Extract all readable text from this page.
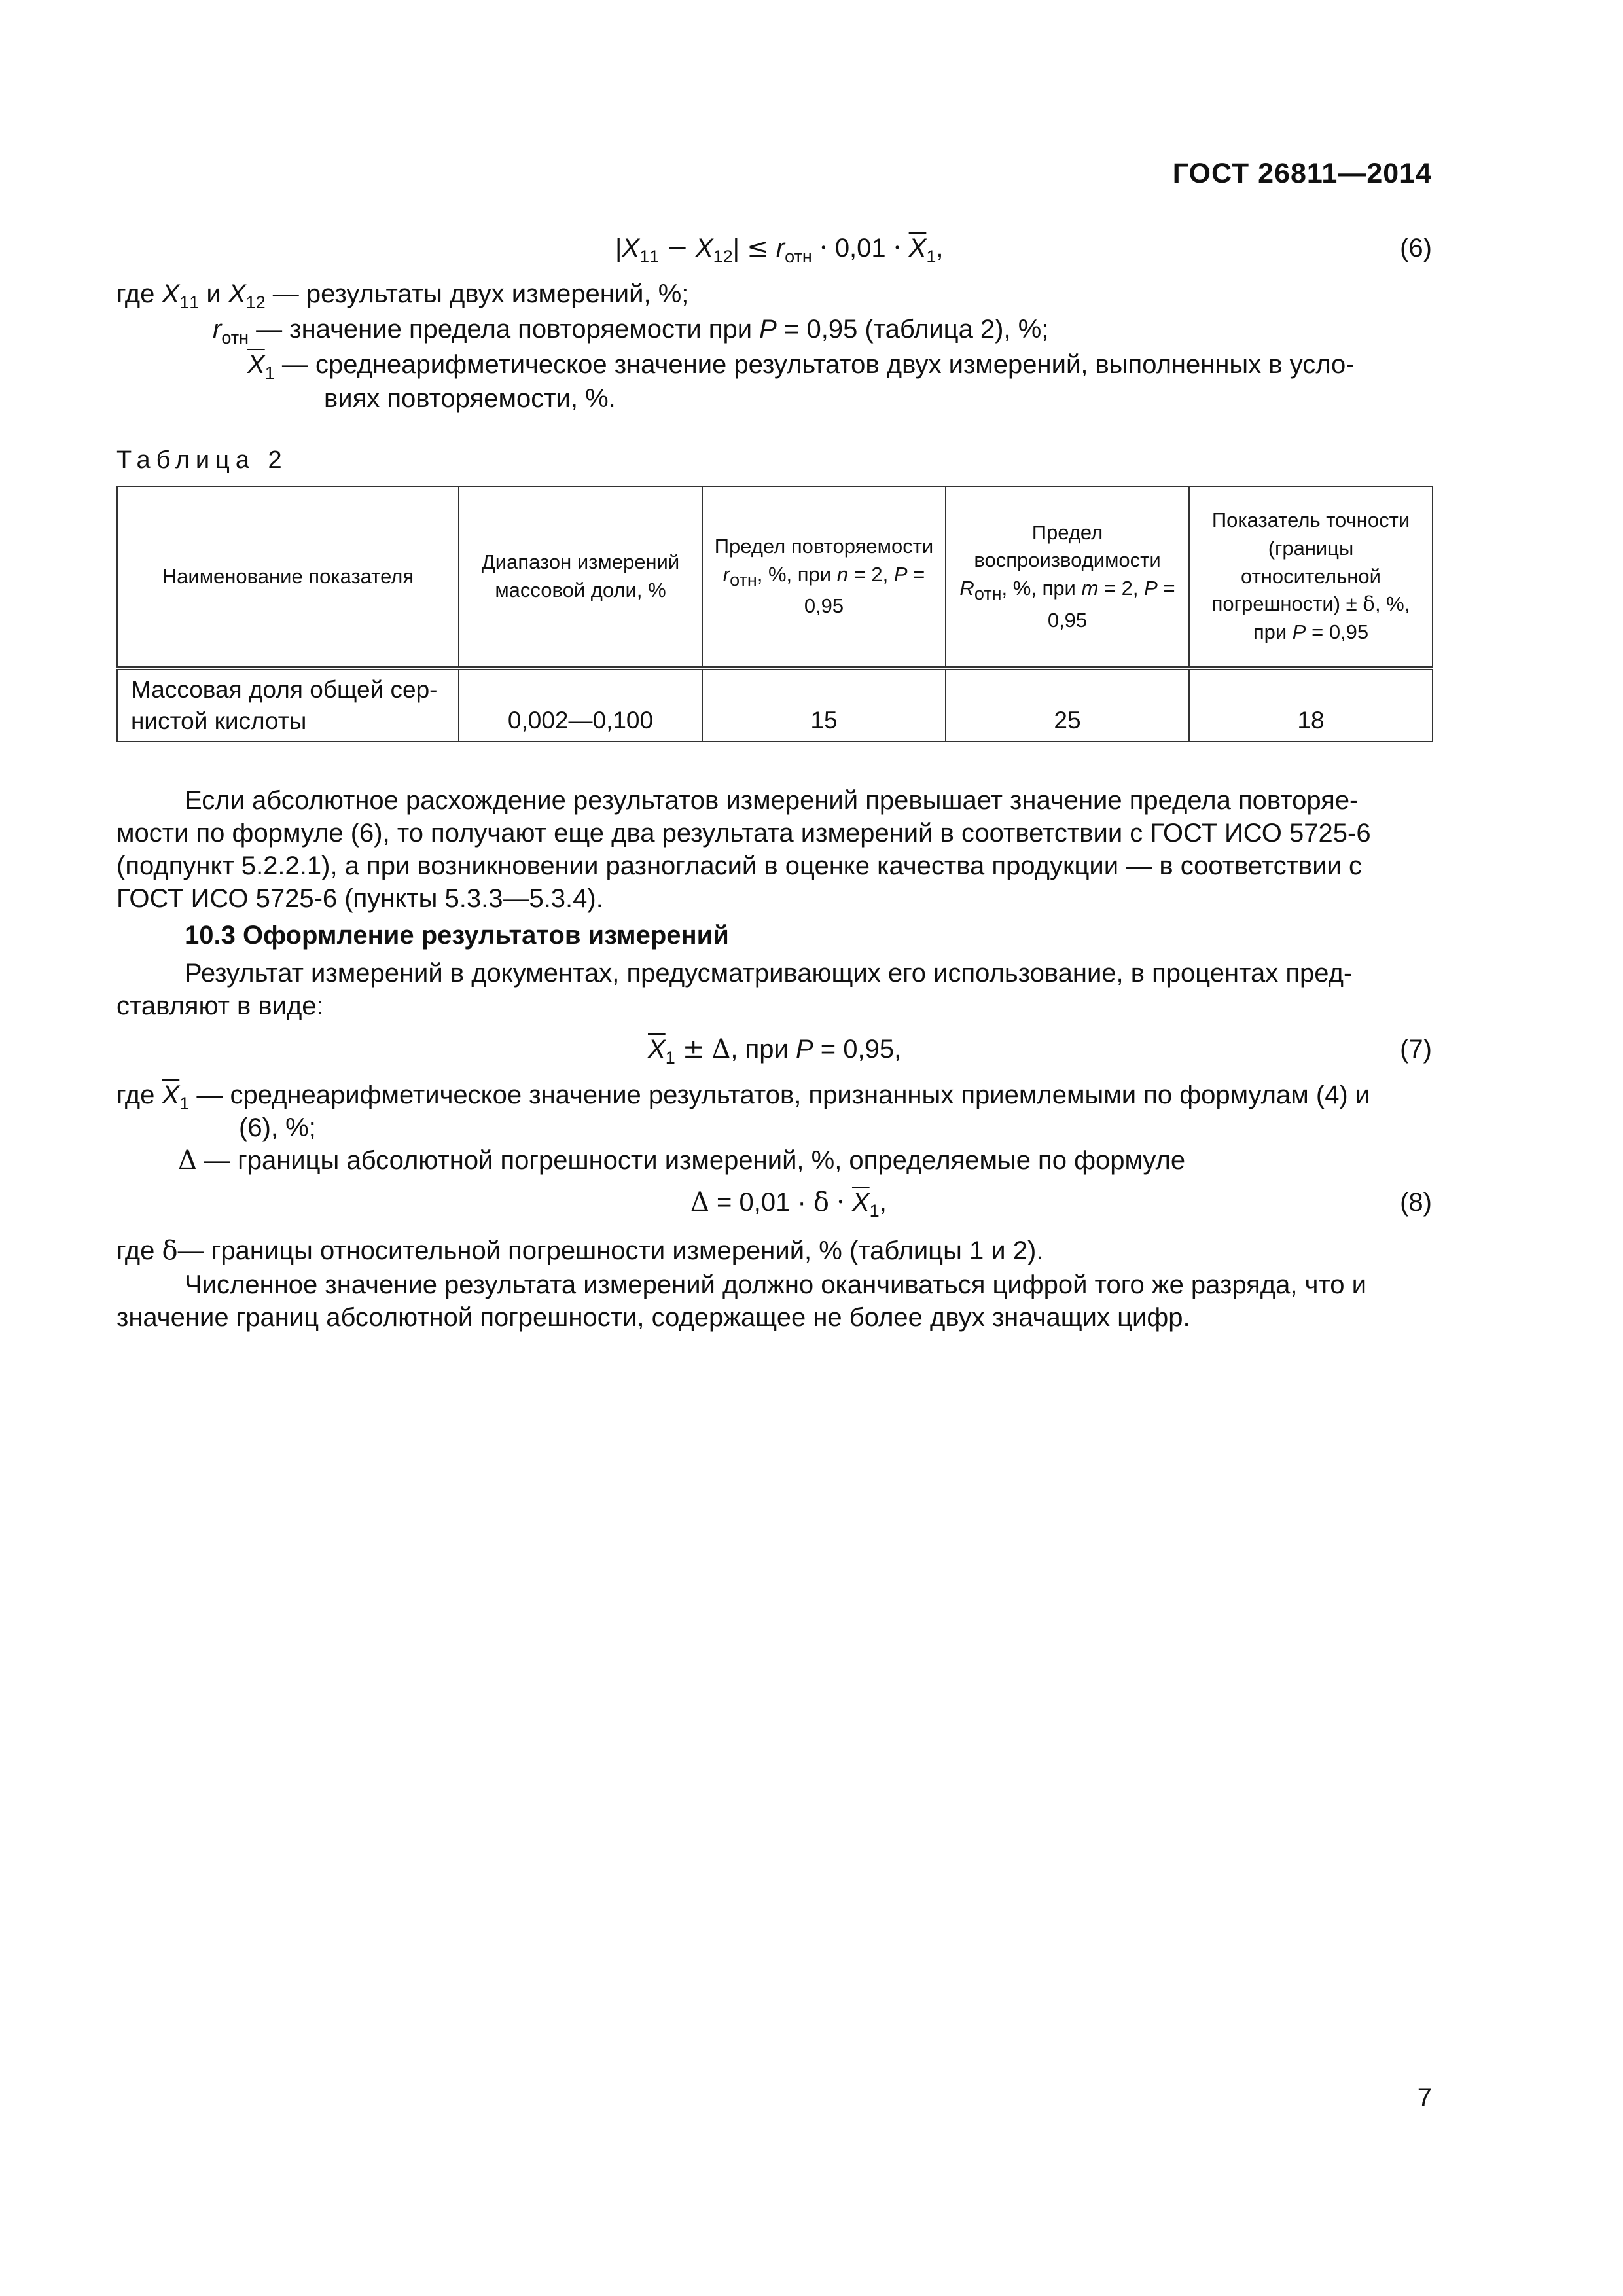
ГОСТ 26811—2014
$|X_{11} - X_{12}| \le r_{отн} \cdot 0,01 \cdot \overline{X}_1$,	(6)
где $X_{11}$ и $X_{12}$ — результаты двух измерений, %;
$r_{отн}$ — значение предела повторяемости при P = 0,95 (таблица 2), %;
$\overline{X}_1$ — среднеарифметическое значение результатов двух измерений, выполненных в усло-
виях повторяемости, %.
Таблица 2
Наименование показателя	Диапазон измерений массовой доли, %	Предел повторяемости $r_{отн}$, %, при n = 2, P = 0,95	Предел воспроизводимости $R_{отн}$, %, при m = 2, P = 0,95	Показатель точности (границы относительной погрешности) ± δ, %, при P = 0,95
Массовая доля общей сер-
нистой кислоты	0,002—0,100	15	25	18
Если абсолютное расхождение результатов измерений превышает значение предела повторяе-
мости по формуле (6), то получают еще два результата измерений в соответствии с ГОСТ ИСО 5725-6
(подпункт 5.2.2.1), а при возникновении разногласий в оценке качества продукции — в соответствии с
ГОСТ ИСО 5725-6 (пункты 5.3.3—5.3.4).
10.3 Оформление результатов измерений
Результат измерений в документах, предусматривающих его использование, в процентах пред-
ставляют в виде:
$\overline{X}_1 \pm \Delta$, при P = 0,95,	(7)
где $\overline{X}_1$ — среднеарифметическое значение результатов, признанных приемлемыми по формулам (4) и
(6), %;
Δ — границы абсолютной погрешности измерений, %, определяемые по формуле
$\Delta = 0,01 \cdot \delta \cdot \overline{X}_1$,	(8)
где δ— границы относительной погрешности измерений, % (таблицы 1 и 2).
Численное значение результата измерений должно оканчиваться цифрой того же разряда, что и
значение границ абсолютной погрешности, содержащее не более двух значащих цифр.
7
